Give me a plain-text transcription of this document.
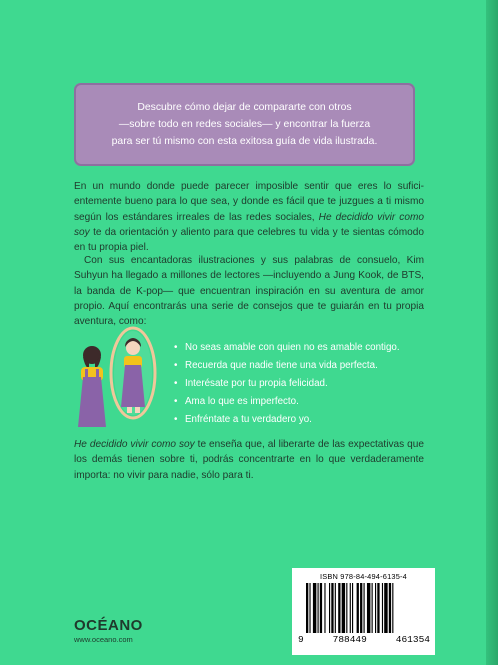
Descubre cómo dejar de compararte con otros

—sobre todo en redes sociales— y encontrar la fuerza

para ser tú mismo con esta exitosa guía de vida ilustrada.

En un mundo donde puede parecer imposible sentir que eres lo sufici-entemente bueno para lo que sea, y donde es fácil que te juzgues a ti mismo según los estándares irreales de las redes sociales, He decidido vivir como soy te da orientación y aliento para que celebres tu vida y te sientas cómodo en tu propia piel.
Con sus encantadoras ilustraciones y sus palabras de consuelo, Kim Suhyun ha llegado a millones de lectores —incluyendo a Jung Kook, de BTS, la banda de K-pop— que encuentran inspiración en su aventura de amor propio. Aquí encontrarás una serie de consejos que te guiarán en tu propia aventura, como:
• No seas amable con quien no es amable contigo.
• Recuerda que nadie tiene una vida perfecta.
• Interésate por tu propia felicidad.
• Ama lo que es imperfecto.
• Enfréntate a tu verdadero yo.
He decidido vivir como soy te enseña que, al liberarte de las expectativas que los demás tienen sobre ti, podrás concentrarte en lo que verdaderamente importa: no vivir para nadie, sólo para ti.
OCÉANO
www.oceano.com
ISBN 978-84-494-6135-4
9	788449	461354
